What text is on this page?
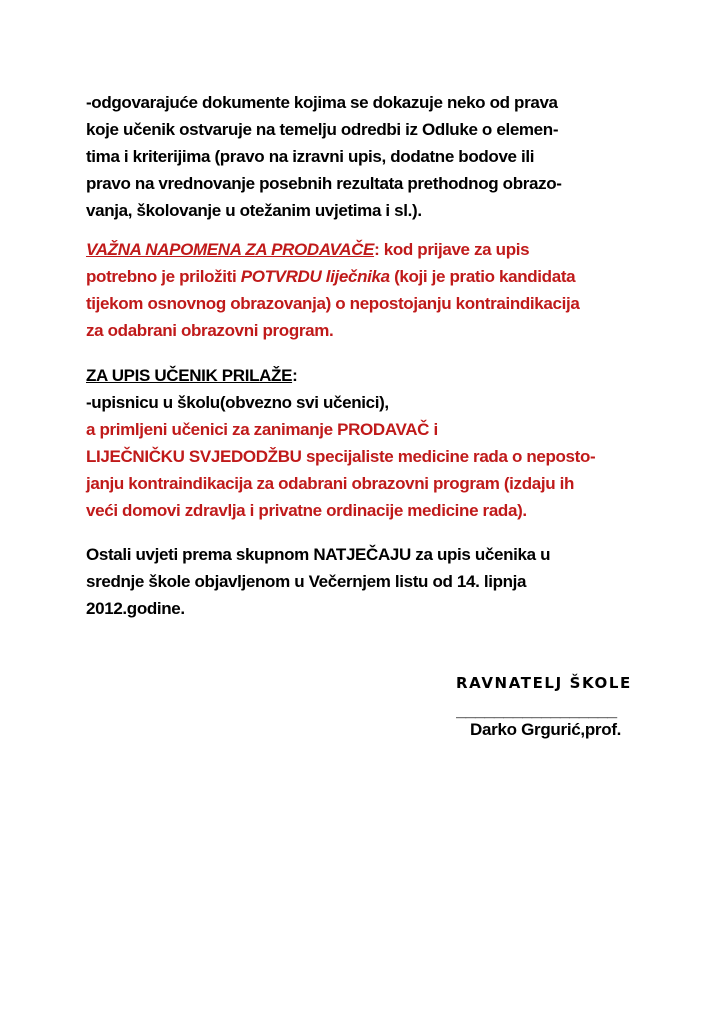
-odgovarajuće dokumente kojima se dokazuje neko od prava
koje učenik ostvaruje na temelju odredbi iz Odluke o elemen-
tima i kriterijima (pravo na izravni upis, dodatne bodove ili
pravo na vrednovanje posebnih rezultata prethodnog obrazo-
vanja, školovanje u otežanim uvjetima i sl.).
VAŽNA NAPOMENA ZA PRODAVAČE: kod prijave za upis
potrebno je priložiti POTVRDU liječnika (koji je pratio kandidata
tijekom osnovnog obrazovanja) o nepostojanju kontraindikacija
za odabrani obrazovni program.
ZA UPIS UČENIK PRILAŽE:
-upisnicu u školu(obvezno svi učenici),
a primljeni učenici za zanimanje PRODAVAČ i
LIJEČNIČKU SVJEDODŽBU specijaliste medicine rada o neposto-
janju kontraindikacija za odabrani obrazovni program (izdaju ih
veći domovi zdravlja i privatne ordinacije medicine rada).
Ostali uvjeti prema skupnom NATJEČAJU za upis učenika u
srednje škole objavljenom u Večernjem listu od 14. lipnja
2012.godine.
RAVNATELJ ŠKOLE
_________________
Darko Grgurić,prof.
